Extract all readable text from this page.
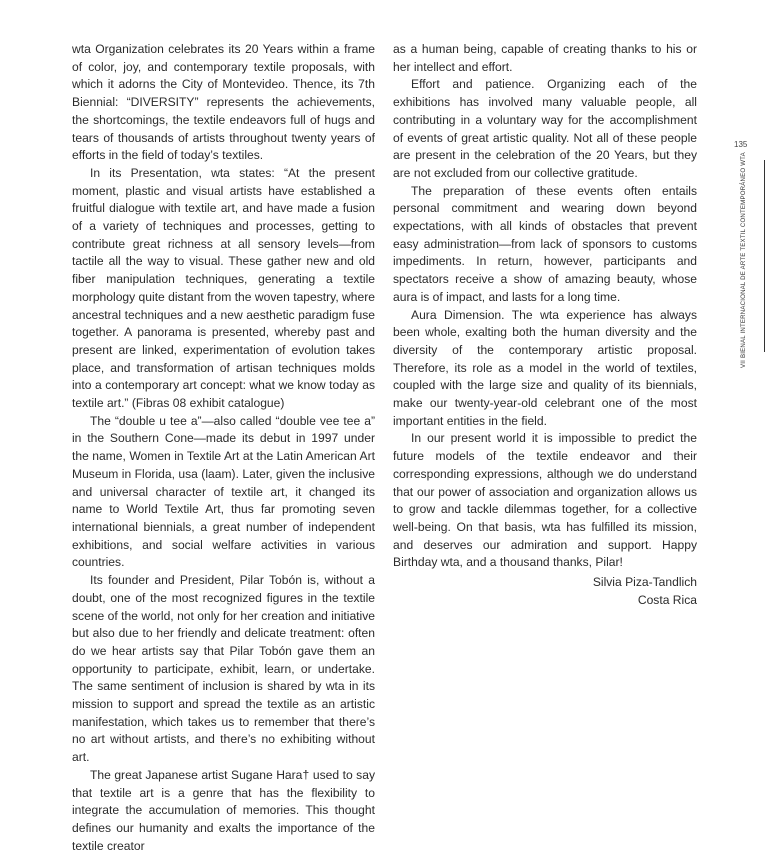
wta Organization celebrates its 20 Years within a frame of color, joy, and contemporary textile proposals, with which it adorns the City of Montevideo. Thence, its 7th Biennial: “DIVERSITY” represents the achievements, the shortcomings, the textile endeavors full of hugs and tears of thousands of artists throughout twenty years of efforts in the field of today’s textiles.

In its Presentation, wta states: “At the present moment, plastic and visual artists have established a fruitful dialogue with textile art, and have made a fusion of a variety of techniques and processes, getting to contribute great richness at all sensory levels—from tactile all the way to visual. These gather new and old fiber manipulation techniques, generating a textile morphology quite distant from the woven tapestry, where ancestral techniques and a new aesthetic paradigm fuse together. A panorama is presented, whereby past and present are linked, experimentation of evolution takes place, and transformation of artisan techniques molds into a contemporary art concept: what we know today as textile art.” (Fibras 08 exhibit catalogue)

The “double u tee a”—also called “double vee tee a” in the Southern Cone—made its debut in 1997 under the name, Women in Textile Art at the Latin American Art Museum in Florida, usa (laam). Later, given the inclusive and universal character of textile art, it changed its name to World Textile Art, thus far promoting seven international biennials, a great number of independent exhibitions, and social welfare activities in various countries.

Its founder and President, Pilar Tobón is, without a doubt, one of the most recognized figures in the textile scene of the world, not only for her creation and initiative but also due to her friendly and delicate treatment: often do we hear artists say that Pilar Tobón gave them an opportunity to participate, exhibit, learn, or undertake. The same sentiment of inclusion is shared by wta in its mission to support and spread the textile as an artistic manifestation, which takes us to remember that there’s no art without artists, and there’s no exhibiting without art.

The great Japanese artist Sugane Hara† used to say that textile art is a genre that has the flexibility to integrate the accumulation of memories. This thought defines our humanity and exalts the importance of the textile creator

as a human being, capable of creating thanks to his or her intellect and effort.

Effort and patience. Organizing each of the exhibitions has involved many valuable people, all contributing in a voluntary way for the accomplishment of events of great artistic quality. Not all of these people are present in the celebration of the 20 Years, but they are not excluded from our collective gratitude.

The preparation of these events often entails personal commitment and wearing down beyond expectations, with all kinds of obstacles that prevent easy administration—from lack of sponsors to customs impediments. In return, however, participants and spectators receive a show of amazing beauty, whose aura is of impact, and lasts for a long time.

Aura Dimension. The wta experience has always been whole, exalting both the human diversity and the diversity of the contemporary artistic proposal. Therefore, its role as a model in the world of textiles, coupled with the large size and quality of its biennials, make our twenty-year-old celebrant one of the most important entities in the field.

In our present world it is impossible to predict the future models of the textile endeavor and their corresponding expressions, although we do understand that our power of association and organization allows us to grow and tackle dilemmas together, for a collective well-being. On that basis, wta has fulfilled its mission, and deserves our admiration and support. Happy Birthday wta, and a thousand thanks, Pilar!

Silvia Piza-Tandlich
Costa Rica
135
VII BIENAL INTERNACIONAL DE ARTE TEXTIL CONTEMPORÁNEO WTA
